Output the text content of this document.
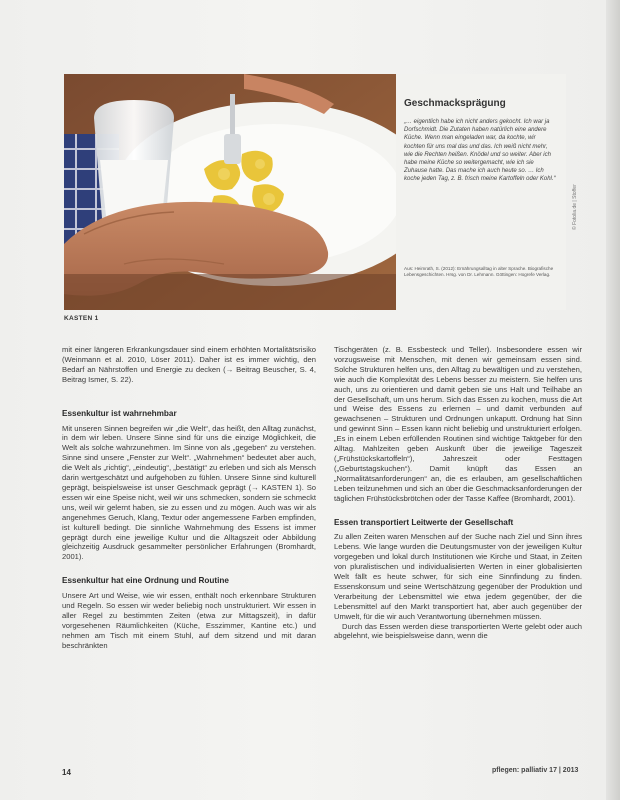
Geschmacksprägung

„… eigentlich habe ich nicht anders gekocht. Ich war ja Dorfschmidt. Die Zutaten haben natürlich eine andere Küche. Wenn man eingeladen war, da kochte, wir kochten für uns mal das und das. Ich weiß nicht mehr, wie die Rechten heißen. Knödel und so weiter. Aber ich habe meine Küche so weitergemacht, wie ich sie Zuhause hatte. Das mache ich auch heute so. … Ich koche jeden Tag, z. B. frisch meine Kartoffeln oder Kohl.“

Aus: Heimrath, S. (2012): Ernährungsalltag in alter Sprache. Biografische Lebensgeschichten. Hrsg. von Dr. Lehmann. Göttingen: Hogrefe Verlag.

© Fotolia.de | Stoffer
KASTEN 1

mit einer längeren Erkrankungsdauer sind einem erhöhten Mortalitätsrisiko (Weinmann et al. 2010, Löser 2011). Daher ist es immer wichtig, den Bedarf an Nährstoffen und Energie zu decken (→ Beitrag Beuscher, S. 4, Beitrag Ismer, S. 22).

Essenkultur ist wahrnehmbar

Mit unseren Sinnen begreifen wir „die Welt“, das heißt, den Alltag zunächst, in dem wir leben. Unsere Sinne sind für uns die einzige Möglichkeit, die Welt als solche wahrzunehmen. Im Sinne von als „gegeben“ zu verstehen. Sinne sind unsere „Fenster zur Welt“. „Wahrnehmen“ bedeutet aber auch, die Welt als „richtig“, „eindeutig“, „bestätigt“ zu erleben und sich als Mensch darin wertgeschätzt und aufgehoben zu fühlen. Unsere Sinne sind kulturell geprägt, beispielsweise ist unser Geschmack geprägt (→ KASTEN 1). So essen wir eine Speise nicht, weil wir uns schmecken, sondern sie schmeckt uns, weil wir gelernt haben, sie zu essen und zu mögen. Auch was wir als angenehmes Geruch, Klang, Textur oder angemessene Farben empfinden, ist kulturell bedingt. Die sinnliche Wahrnehmung des Essens ist immer geprägt durch eine jeweilige Kultur und die Alltagszeit oder Abbildung gleichzeitig Ausdruck gesammelter persönlicher Erfahrungen (Bromhardt, 2001).

Essenkultur hat eine Ordnung und Routine

Unsere Art und Weise, wie wir essen, enthält noch erkennbare Strukturen und Regeln. So essen wir weder beliebig noch unstrukturiert. Wir essen in aller Regel zu bestimmten Zeiten (etwa zur Mittagszeit), in dafür vorgesehenen Räumlichkeiten (Küche, Esszimmer, Kantine etc.) und nehmen am Tisch mit einem Stuhl, auf dem sitzend und mit daran beschränkten

Tischgeräten (z. B. Essbesteck und Teller). Insbesondere essen wir vorzugsweise mit Menschen, mit denen wir gemeinsam essen sind. Solche Strukturen helfen uns, den Alltag zu bewältigen und zu verstehen, wie auch die Komplexität des Lebens besser zu meistern. Sie helfen uns auch, uns zu orientieren und damit geben sie uns Halt und Teilhabe an der Gesellschaft, um uns herum. Sich das Essen zu kochen, muss die Art und Weise des Essens zu erlernen – und damit verbunden auf gewachsenen – Strukturen und Ordnungen unkaputt. Ordnung hat Sinn und gewinnt Sinn – Essen kann nicht beliebig und unstrukturiert erfolgen. „Es in einem Leben erfüllenden Routinen sind wichtige Taktgeber für den Alltag. Mahlzeiten geben Auskunft über die jeweilige Tageszeit („Frühstückskartoffeln“), Jahreszeit oder Festtagen („Geburtstagskuchen“). Damit knüpft das Essen an „Normalitätsanforderungen“ an, die es erlauben, am gesellschaftlichen Leben teilzunehmen und sich an über die Geschmacksanforderungen der täglichen Frühstücksbrötchen oder der Tasse Kaffee (Bromhardt, 2001).

Essen transportiert Leitwerte der Gesellschaft

Zu allen Zeiten waren Menschen auf der Suche nach Ziel und Sinn ihres Lebens. Wie lange wurden die Deutungsmuster von der jeweiligen Kultur vorgegeben und lokal durch Institutionen wie Kirche und Staat, in Zeiten von pluralistischen und individualisierten Werten in einer globalisierten Welt fällt es heute schwer, für sich eine Sinnfindung zu finden. Essenskonsum und seine Wertschätzung gegenüber der Produktion und Verarbeitung der Lebensmittel wie etwa jedem gegenüber, der die Lebensmittel auf den Markt transportiert hat, aber auch gegenüber der Umwelt, für die wir auch Verantwortung übernehmen müssen.

Durch das Essen werden diese transportierten Werte gelebt oder auch abgelehnt, wie beispielsweise dann, wenn die

14	pflegen: palliativ 17 | 2013
